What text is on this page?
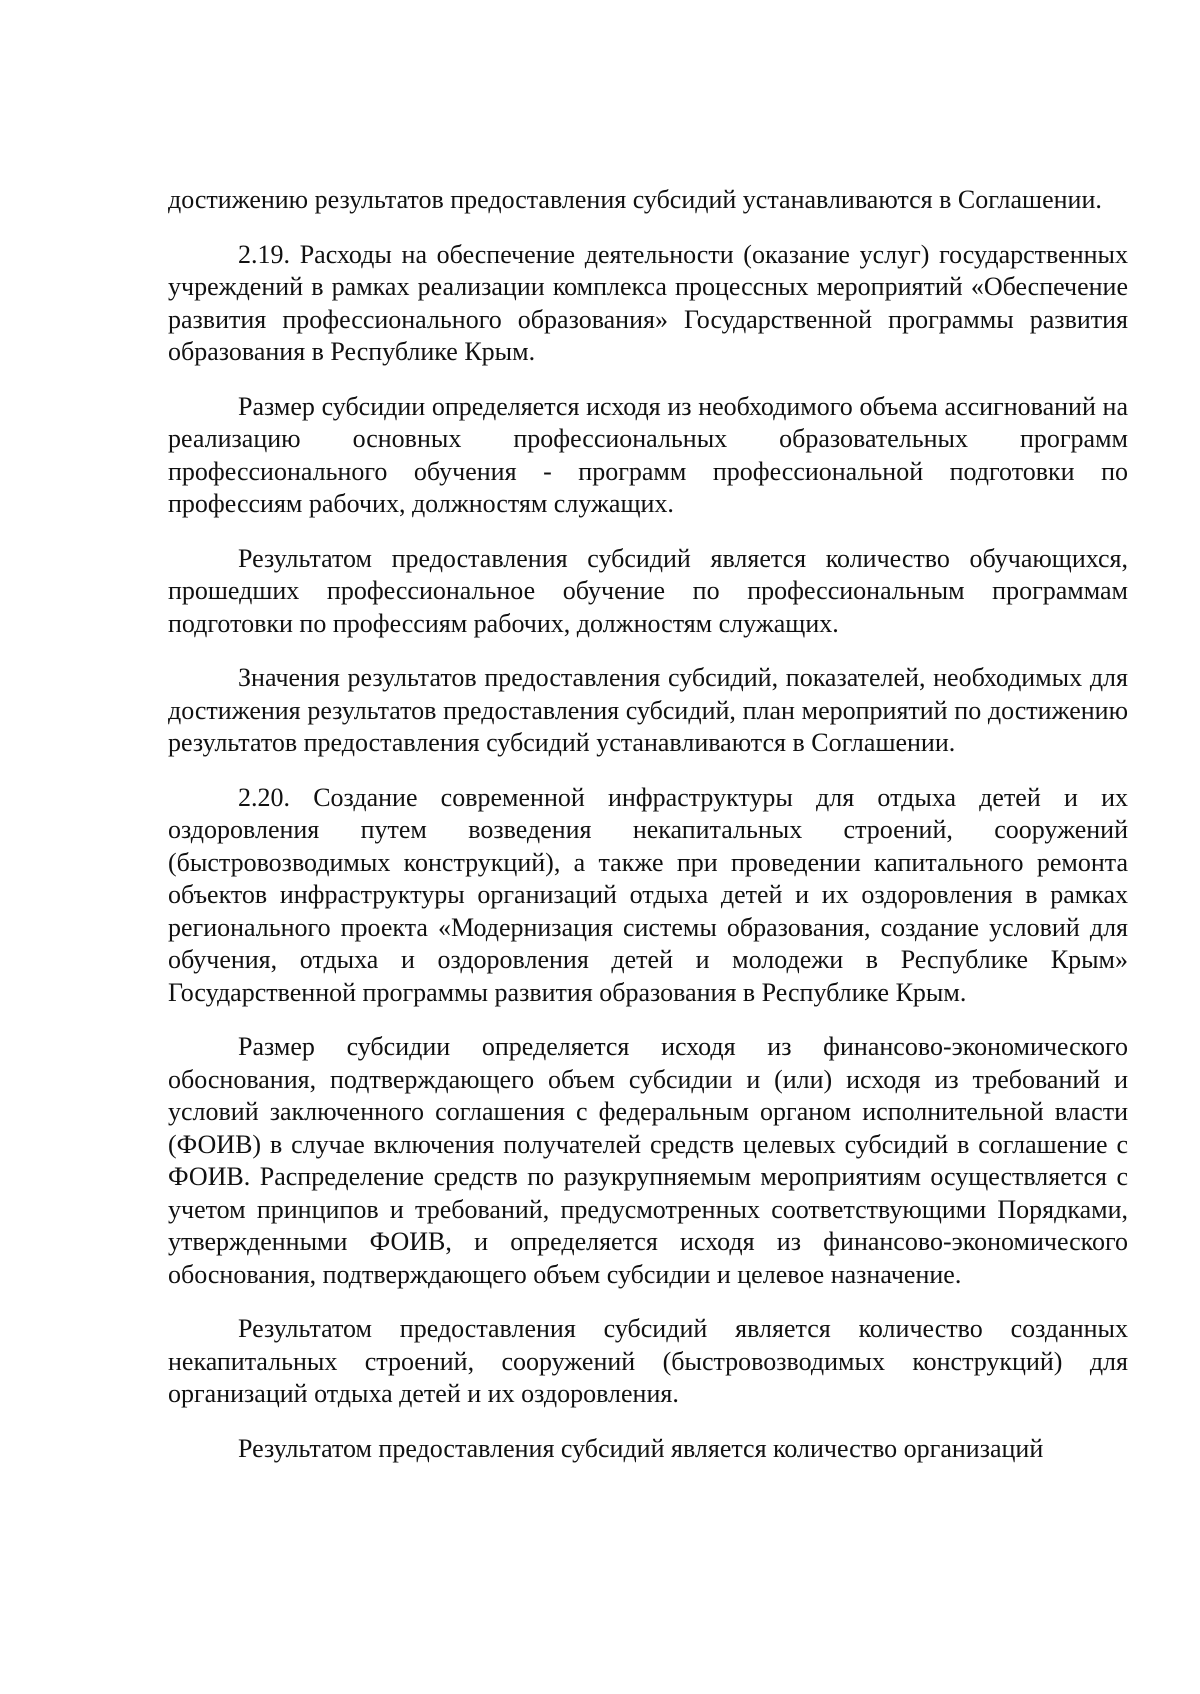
достижению результатов предоставления субсидий устанавливаются в Соглашении.

2.19. Расходы на обеспечение деятельности (оказание услуг) государственных учреждений в рамках реализации комплекса процессных мероприятий «Обеспечение развития профессионального образования» Государственной программы развития образования в Республике Крым.

Размер субсидии определяется исходя из необходимого объема ассигнований на реализацию основных профессиональных образовательных программ профессионального обучения - программ профессиональной подготовки по профессиям рабочих, должностям служащих.

Результатом предоставления субсидий является количество обучающихся, прошедших профессиональное обучение по профессиональным программам подготовки по профессиям рабочих, должностям служащих.

Значения результатов предоставления субсидий, показателей, необходимых для достижения результатов предоставления субсидий, план мероприятий по достижению результатов предоставления субсидий устанавливаются в Соглашении.

2.20. Создание современной инфраструктуры для отдыха детей и их оздоровления путем возведения некапитальных строений, сооружений (быстровозводимых конструкций), а также при проведении капитального ремонта объектов инфраструктуры организаций отдыха детей и их оздоровления в рамках регионального проекта «Модернизация системы образования, создание условий для обучения, отдыха и оздоровления детей и молодежи в Республике Крым» Государственной программы развития образования в Республике Крым.

Размер субсидии определяется исходя из финансово-экономического обоснования, подтверждающего объем субсидии и (или) исходя из требований и условий заключенного соглашения с федеральным органом исполнительной власти (ФОИВ) в случае включения получателей средств целевых субсидий в соглашение с ФОИВ. Распределение средств по разукрупняемым мероприятиям осуществляется с учетом принципов и требований, предусмотренных соответствующими Порядками, утвержденными ФОИВ, и определяется исходя из финансово-экономического обоснования, подтверждающего объем субсидии и целевое назначение.

Результатом предоставления субсидий является количество созданных некапитальных строений, сооружений (быстровозводимых конструкций) для организаций отдыха детей и их оздоровления.

Результатом предоставления субсидий является количество организаций
